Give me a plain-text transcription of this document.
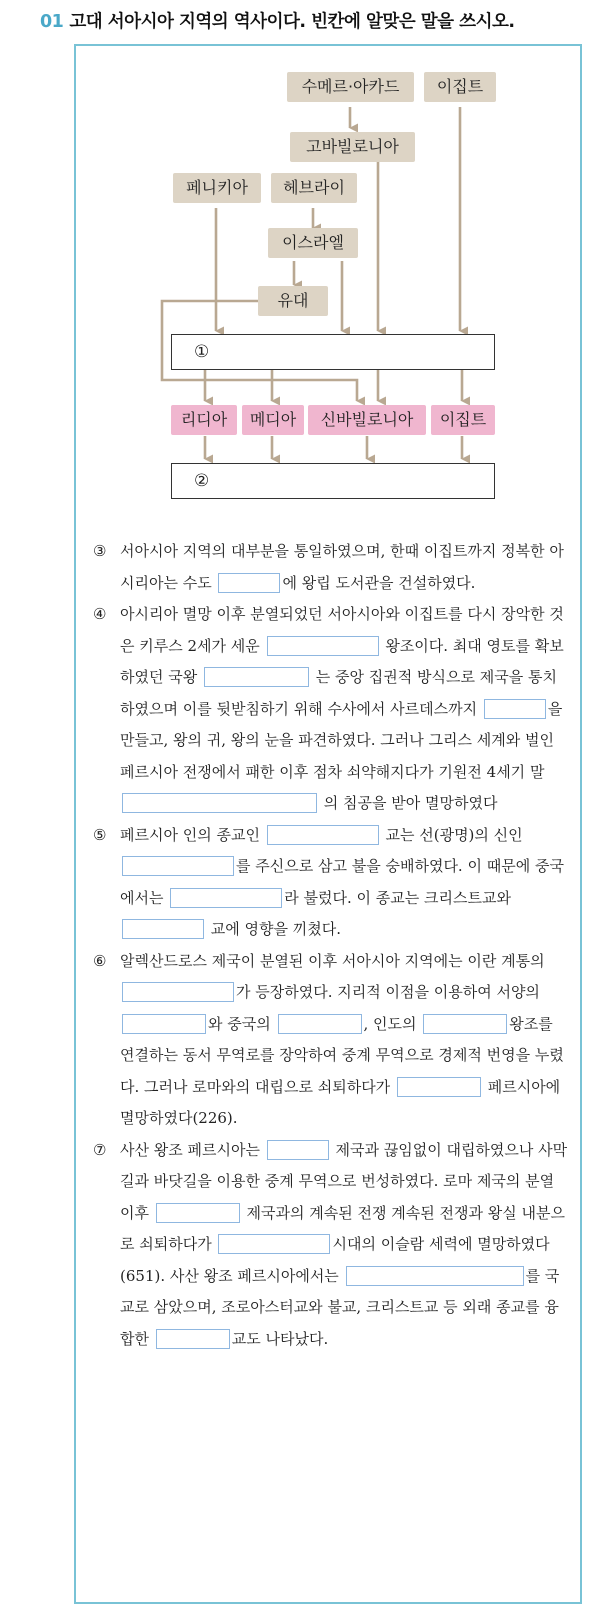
01 고대 서아시아 지역의 역사이다. 빈칸에 알맞은 말을 쓰시오.
수메르·아카드	이집트
고바빌로니아
페니키아	헤브라이
이스라엘
유대
①
리디아	메디아	신바빌로니아	이집트
②
③ 서아시아 지역의 대부분을 통일하였으며, 한때 이집트까지 정복한 아시리아는 수도	에 왕립 도서관을 건설하였다.
④ 아시리아 멸망 이후 분열되었던 서아시아와 이집트를 다시 장악한 것은 키루스 2세가 세운	왕조이다. 최대 영토를 확보하였던 국왕	는 중앙 집권적 방식으로 제국을 통치하였으며 이를 뒷받침하기 위해 수사에서 사르데스까지	을 만들고, 왕의 귀, 왕의 눈을 파견하였다. 그러나 그리스 세계와 벌인 페르시아 전쟁에서 패한 이후 점차 쇠약해지다가 기원전 4세기 말  의 침공을 받아 멸망하였다
⑤ 페르시아 인의 종교인	교는 선(광명)의 신인 를 주신으로 삼고 불을 숭배하였다. 이 때문에 중국에서는	라 불렀다. 이 종교는 크리스트교와  교에 영향을 끼쳤다.
⑥ 알렉산드로스 제국이 분열된 이후 서아시아 지역에는 이란 계통의 가 등장하였다. 지리적 이점을 이용하여 서양의 와 중국의	, 인도의	왕조를 연결하는 동서 무역로를 장악하여 중계 무역으로 경제적 번영을 누렸다. 그러나 로마와의 대립으로 쇠퇴하다가	페르시아에 멸망하였다(226).
⑦ 사산 왕조 페르시아는	제국과 끊임없이 대립하였으나 사막길과 바닷길을 이용한 중계 무역으로 번성하였다. 로마 제국의 분열 이후	제국과의 계속된 전쟁 계속된 전쟁과 왕실 내분으로 쇠퇴하다가	시대의 이슬람 세력에 멸망하였다(651). 사산 왕조 페르시아에서는	를 국교로 삼았으며, 조로아스터교와 불교, 크리스트교 등 외래 종교를 융합한	교도 나타났다.
